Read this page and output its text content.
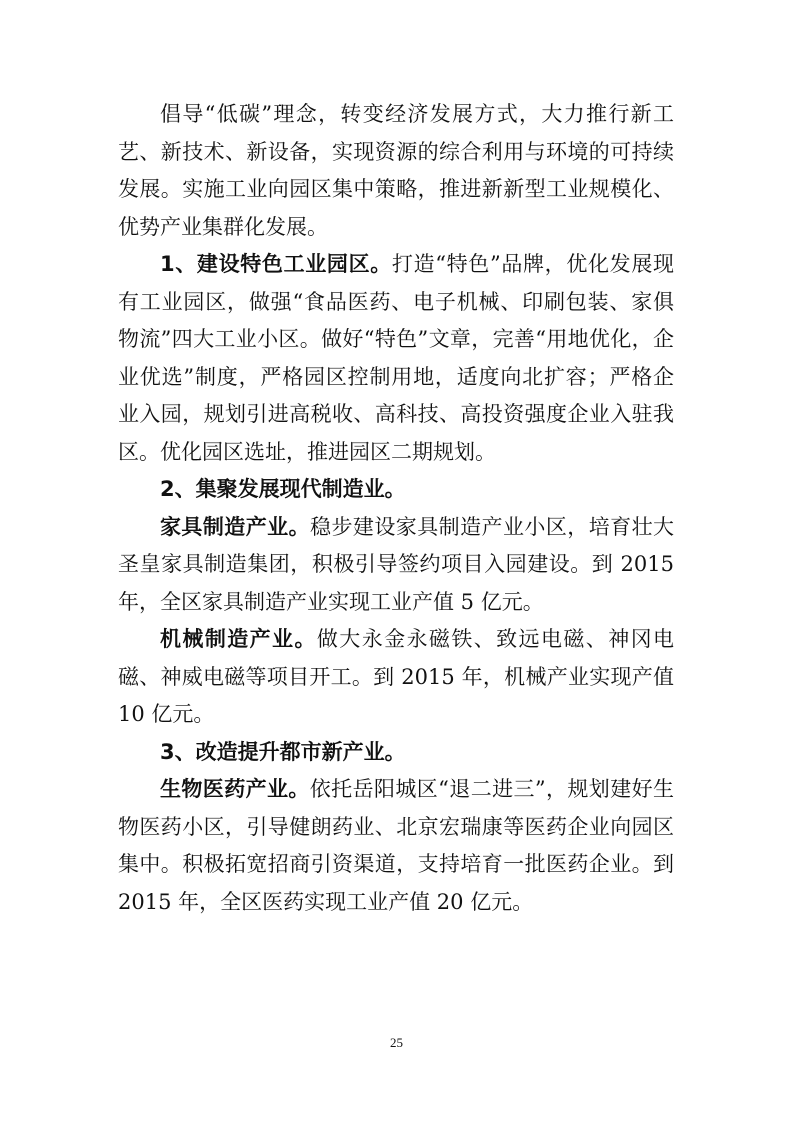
倡导“低碳”理念，转变经济发展方式，大力推行新工艺、新技术、新设备，实现资源的综合利用与环境的可持续发展。实施工业向园区集中策略，推进新新型工业规模化、优势产业集群化发展。

1、建设特色工业园区。打造“特色”品牌，优化发展现有工业园区，做强“食品医药、电子机械、印刷包装、家俱物流”四大工业小区。做好“特色”文章，完善“用地优化，企业优选”制度，严格园区控制用地，适度向北扩容；严格企业入园，规划引进高税收、高科技、高投资强度企业入驻我区。优化园区选址，推进园区二期规划。

2、集聚发展现代制造业。

家具制造产业。稳步建设家具制造产业小区，培育壮大圣皇家具制造集团，积极引导签约项目入园建设。到 2015年，全区家具制造产业实现工业产值 5 亿元。

机械制造产业。做大永金永磁铁、致远电磁、神冈电磁、神威电磁等项目开工。到 2015 年，机械产业实现产值 10 亿元。

3、改造提升都市新产业。

生物医药产业。依托岳阳城区“退二进三”，规划建好生物医药小区，引导健朗药业、北京宏瑞康等医药企业向园区集中。积极拓宽招商引资渠道，支持培育一批医药企业。到 2015 年，全区医药实现工业产值 20 亿元。

25
